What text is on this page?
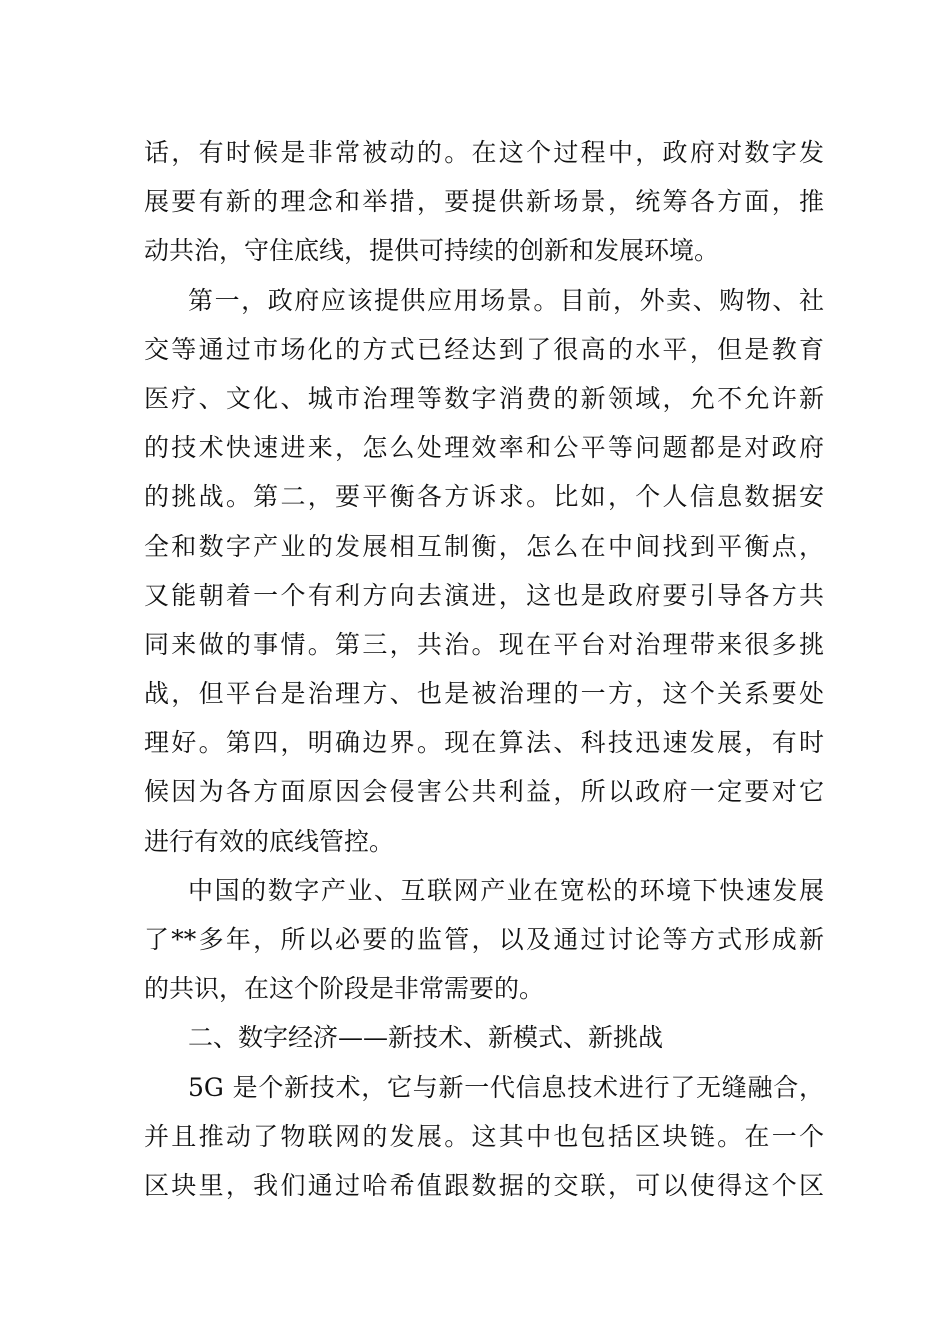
话，有时候是非常被动的。在这个过程中，政府对数字发
展要有新的理念和举措，要提供新场景，统筹各方面，推
动共治，守住底线，提供可持续的创新和发展环境。
第一，政府应该提供应用场景。目前，外卖、购物、社
交等通过市场化的方式已经达到了很高的水平，但是教育
医疗、文化、城市治理等数字消费的新领域，允不允许新
的技术快速进来，怎么处理效率和公平等问题都是对政府
的挑战。第二，要平衡各方诉求。比如，个人信息数据安
全和数字产业的发展相互制衡，怎么在中间找到平衡点，
又能朝着一个有利方向去演进，这也是政府要引导各方共
同来做的事情。第三，共治。现在平台对治理带来很多挑
战，但平台是治理方、也是被治理的一方，这个关系要处
理好。第四，明确边界。现在算法、科技迅速发展，有时
候因为各方面原因会侵害公共利益，所以政府一定要对它
进行有效的底线管控。
中国的数字产业、互联网产业在宽松的环境下快速发展
了**多年，所以必要的监管，以及通过讨论等方式形成新
的共识，在这个阶段是非常需要的。
二、数字经济——新技术、新模式、新挑战
5G 是个新技术，它与新一代信息技术进行了无缝融合，
并且推动了物联网的发展。这其中也包括区块链。在一个
区块里，我们通过哈希值跟数据的交联，可以使得这个区
